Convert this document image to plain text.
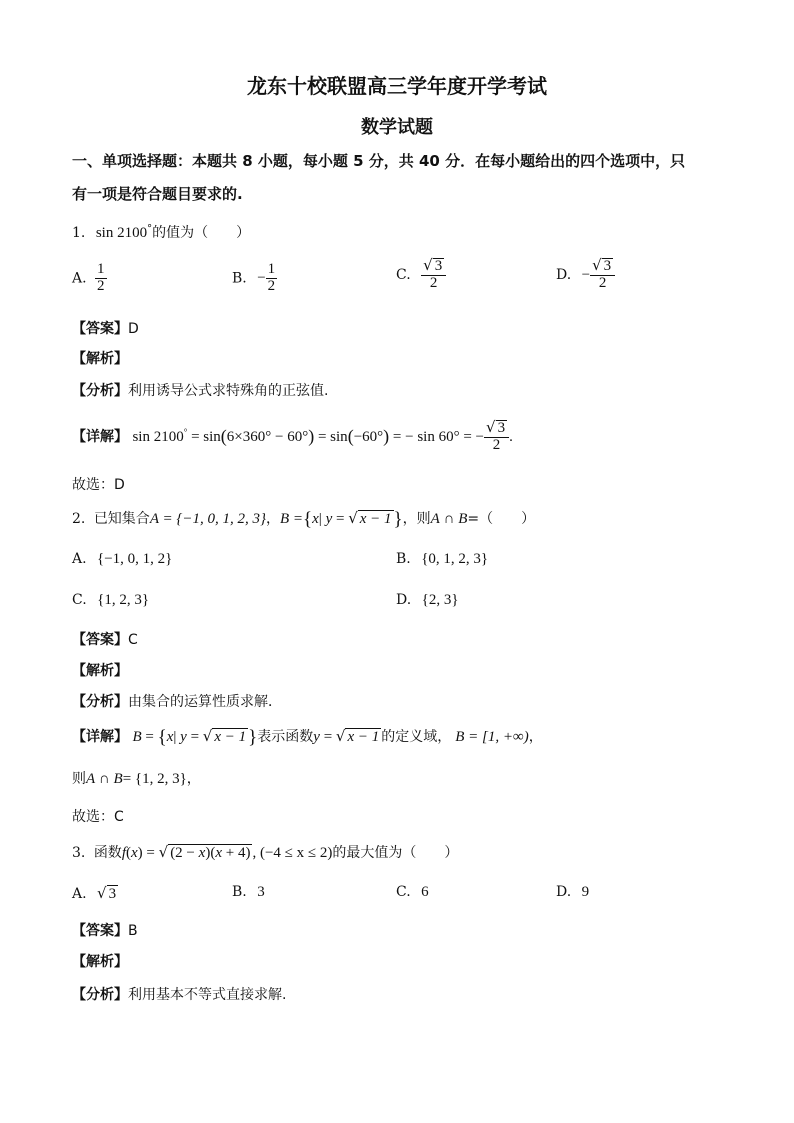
龙东十校联盟高三学年度开学考试
数学试题
一、单项选择题：本题共 8 小题，每小题 5 分，共 40 分．在每小题给出的四个选项中，只
有一项是符合题目要求的.
1. sin 2100°的值为（　　）
A. $\frac{1}{2}$	B. − $\frac{1}{2}$	C. $\frac{√ 3}{2}$	D. − $\frac{√ 3}{2}$
【答案】D
【解析】
【分析】利用诱导公式求特殊角的正弦值.
【详解】 sin 2100° = sin(6×360° − 60°) = sin(−60°) = − sin 60° = − $\frac{√ 3}{2}$ .
故选：D
2. 已知集合A = {−1, 0, 1, 2, 3}，B ={x| y = √ x − 1 }，则A ∩ B=（　　）
A. {−1, 0, 1, 2}	B. {0, 1, 2, 3}
C. {1, 2, 3}	D. {2, 3}
【答案】C
【解析】
【分析】由集合的运算性质求解．
【详解】 B = {x| y = √ x − 1 }表示函数y = √ x − 1 的定义域， B = [1, +∞)，
则A ∩ B= {1, 2, 3}，
故选：C
3. 函数f(x) = √ (2 − x)(x + 4) , (−4 ≤ x ≤ 2)的最大值为（　　）
A. √ 3	B. 3	C. 6	D. 9
【答案】B
【解析】
【分析】利用基本不等式直接求解.
